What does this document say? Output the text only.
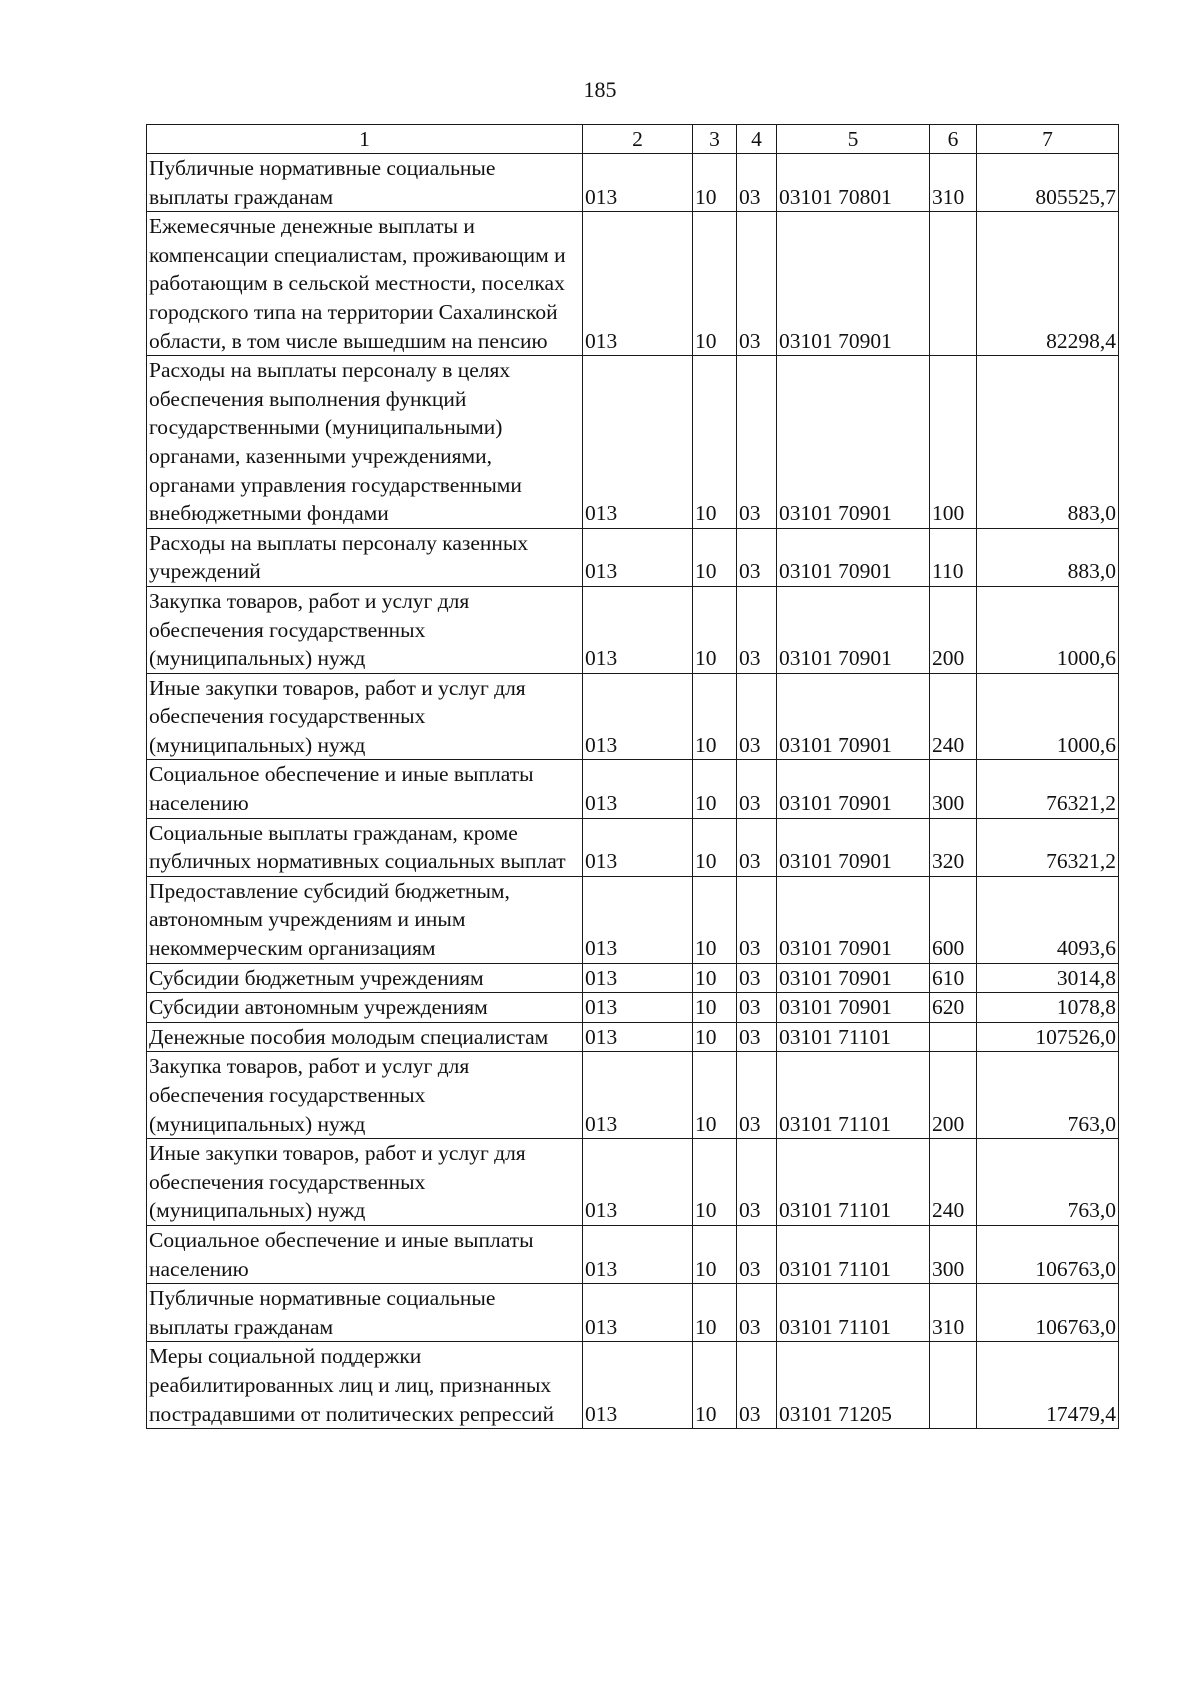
185
1	2	3	4	5	6	7
Публичные нормативные социальные выплаты гражданам	013	10	03	03101 70801	310	805525,7
Ежемесячные денежные выплаты и компенсации специалистам, проживающим и работающим в сельской местности, поселках городского типа на территории Сахалинской области, в том числе вышедшим на пенсию	013	10	03	03101 70901		82298,4
Расходы на выплаты персоналу в целях обеспечения выполнения функций государственными (муниципальными) органами, казенными учреждениями, органами управления государственными внебюджетными фондами	013	10	03	03101 70901	100	883,0
Расходы на выплаты персоналу казенных учреждений	013	10	03	03101 70901	110	883,0
Закупка товаров, работ и услуг для обеспечения государственных (муниципальных) нужд	013	10	03	03101 70901	200	1000,6
Иные закупки товаров, работ и услуг для обеспечения государственных (муниципальных) нужд	013	10	03	03101 70901	240	1000,6
Социальное обеспечение и иные выплаты населению	013	10	03	03101 70901	300	76321,2
Социальные выплаты гражданам, кроме публичных нормативных социальных выплат	013	10	03	03101 70901	320	76321,2
Предоставление субсидий бюджетным, автономным учреждениям и иным некоммерческим организациям	013	10	03	03101 70901	600	4093,6
Субсидии бюджетным учреждениям	013	10	03	03101 70901	610	3014,8
Субсидии автономным учреждениям	013	10	03	03101 70901	620	1078,8
Денежные пособия молодым специалистам	013	10	03	03101 71101		107526,0
Закупка товаров, работ и услуг для обеспечения государственных (муниципальных) нужд	013	10	03	03101 71101	200	763,0
Иные закупки товаров, работ и услуг для обеспечения государственных (муниципальных) нужд	013	10	03	03101 71101	240	763,0
Социальное обеспечение и иные выплаты населению	013	10	03	03101 71101	300	106763,0
Публичные нормативные социальные выплаты гражданам	013	10	03	03101 71101	310	106763,0
Меры социальной поддержки реабилитированных лиц и лиц, признанных пострадавшими от политических репрессий	013	10	03	03101 71205		17479,4
